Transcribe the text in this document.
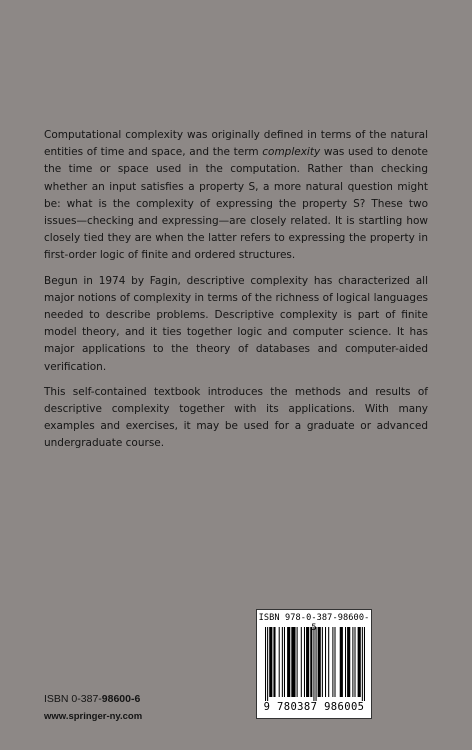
Computational complexity was originally defined in terms of the natural entities of time and space, and the term complexity was used to denote the time or space used in the computation. Rather than checking whether an input satisfies a property S, a more natural question might be: what is the complexity of expressing the property S? These two issues—checking and expressing—are closely related. It is startling how closely tied they are when the latter refers to expressing the property in first-order logic of finite and ordered structures.

Begun in 1974 by Fagin, descriptive complexity has characterized all major notions of complexity in terms of the richness of logical languages needed to describe problems. Descriptive complexity is part of finite model theory, and it ties together logic and computer science. It has major applications to the theory of databases and computer-aided verification.

This self-contained textbook introduces the methods and results of descriptive complexity together with its applications. With many examples and exercises, it may be used for a graduate or advanced undergraduate course.

ISBN 978-0-387-98600-5
9 780387 986005
ISBN 0-387-98600-6
www.springer-ny.com
